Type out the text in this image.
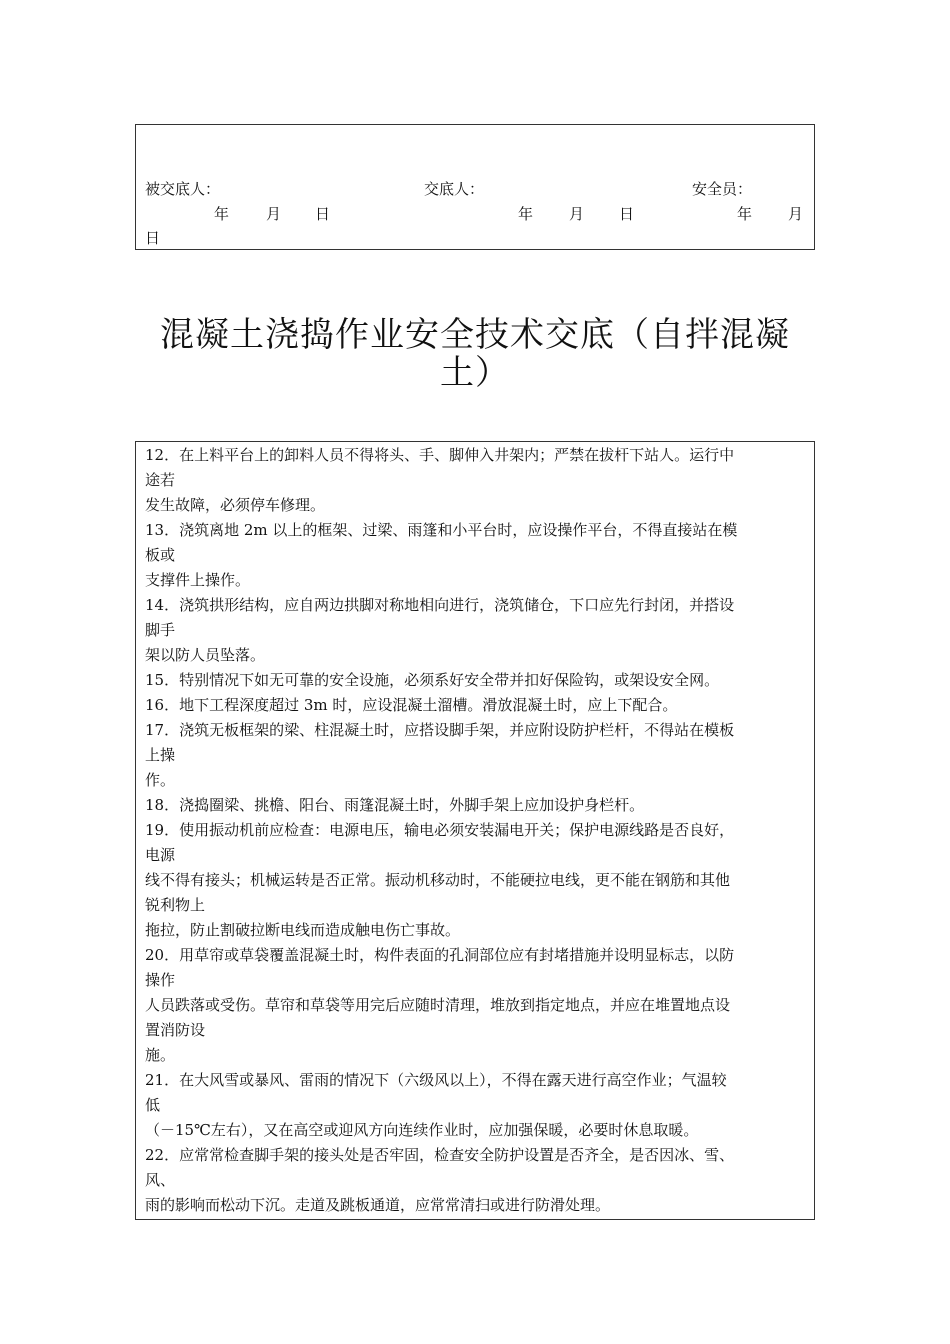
被交底人：	交底人：	安全员：
年 月 日	年 月 日	年 月
日
混凝土浇捣作业安全技术交底（自拌混凝
土）
12．在上料平台上的卸料人员不得将头、手、脚伸入井架内；严禁在拔杆下站人。运行中
途若
发生故障，必须停车修理。
13．浇筑离地 2m 以上的框架、过梁、雨篷和小平台时，应设操作平台，不得直接站在模
板或
支撑件上操作。
14．浇筑拱形结构，应自两边拱脚对称地相向进行，浇筑储仓，下口应先行封闭，并搭设
脚手
架以防人员坠落。
15．特别情况下如无可靠的安全设施，必须系好安全带并扣好保险钩，或架设安全网。
16．地下工程深度超过 3m 时，应设混凝土溜槽。滑放混凝土时，应上下配合。
17．浇筑无板框架的梁、柱混凝土时，应搭设脚手架，并应附设防护栏杆，不得站在模板
上操
作。
18．浇捣圈梁、挑檐、阳台、雨篷混凝土时，外脚手架上应加设护身栏杆。
19．使用振动机前应检查：电源电压，输电必须安装漏电开关；保护电源线路是否良好，
电源
线不得有接头；机械运转是否正常。振动机移动时，不能硬拉电线，更不能在钢筋和其他
锐利物上
拖拉，防止割破拉断电线而造成触电伤亡事故。
20．用草帘或草袋覆盖混凝土时，构件表面的孔洞部位应有封堵措施并设明显标志，以防
操作
人员跌落或受伤。草帘和草袋等用完后应随时清理，堆放到指定地点，并应在堆置地点设
置消防设
施。
21．在大风雪或暴风、雷雨的情况下（六级风以上），不得在露天进行高空作业；气温较
低
（－15℃左右），又在高空或迎风方向连续作业时，应加强保暖，必要时休息取暖。
22．应常常检查脚手架的接头处是否牢固，检查安全防护设置是否齐全，是否因冰、雪、
风、
雨的影响而松动下沉。走道及跳板通道，应常常清扫或进行防滑处理。
